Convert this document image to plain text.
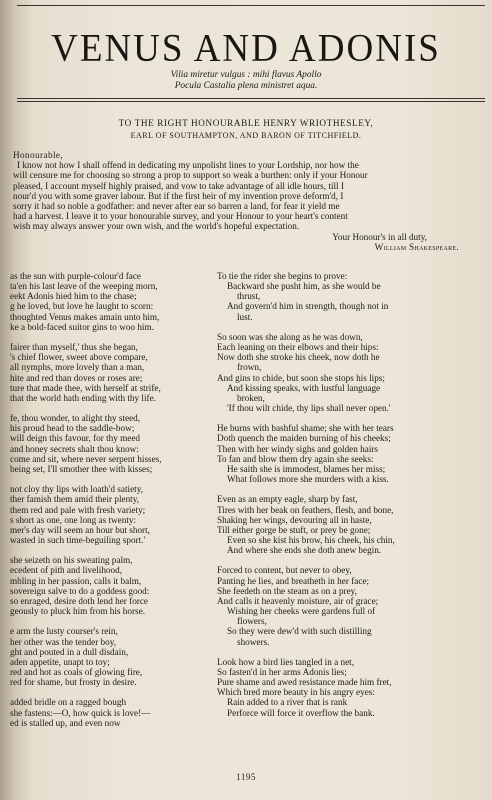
VENUS AND ADONIS
Vilia miretur vulgus : mihi flavus Apollo
Pocula Castalia plena ministret aqua.
TO THE RIGHT HONOURABLE HENRY WRIOTHESLEY,
EARL OF SOUTHAMPTON, AND BARON OF TITCHFIELD.
Honourable,
I know not how I shall offend in dedicating my unpolisht lines to your Lordship, nor how the
will censure me for choosing so strong a prop to support so weak a burthen: only if your Honour
pleased, I account myself highly praised, and vow to take advantage of all idle hours, till I
nour'd you with some graver labour. But if the first heir of my invention prove deform'd, I
sorry it had so noble a godfather: and never after ear so barren a land, for fear it yield me
had a harvest. I leave it to your honourable survey, and your Honour to your heart's content
wish may always answer your own wish, and the world's hopeful expectation.
Your Honour's in all duty,
William Shakespeare.
as the sun with purple-colour'd face
ta'en his last leave of the weeping morn,
eekt Adonis hied him to the chase;
g he loved, but love he laught to scorn:
thoughted Venus makes amain unto him,
ke a bold-faced suitor gins to woo him.
fairer than myself,' thus she began,
's chief flower, sweet above compare,
all nymphs, more lovely than a man,
hite and red than doves or roses are;
ture that made thee, with herself at strife,
that the world hath ending with thy life.
fe, thou wonder, to alight thy steed,
his proud head to the saddle-bow;
will deign this favour, for thy meed
and honey secrets shalt thou know:
come and sit, where never serpent hisses,
being set, I'll smother thee with kisses;
not cloy thy lips with loath'd satiety,
ther famish them amid their plenty,
them red and pale with fresh variety;
s short as one, one long as twenty:
mer's day will seem an hour but short,
wasted in such time-beguiling sport.'
she seizeth on his sweating palm,
ecedent of pith and livelihood,
mbling in her passion, calls it balm,
sovereign salve to do a goddess good:
so enraged, desire doth lend her force
geously to pluck him from his horse.
e arm the lusty courser's rein,
her other was the tender boy,
ght and pouted in a dull disdain,
aden appetite, unapt to toy;
red and hot as coals of glowing fire,
red for shame, but frosty in desire.
added bridle on a ragged bough
she fastens:—O, how quick is love!—
ed is stalled up, and even now
To tie the rider she begins to prove:
Backward she pusht him, as she would be
thrust,
And govern'd him in strength, though not in
lust.
So soon was she along as he was down,
Each leaning on their elbows and their hips:
Now doth she stroke his cheek, now doth he
frown,
And gins to chide, but soon she stops his lips;
And kissing speaks, with lustful language
broken,
'If thou wilt chide, thy lips shall never open.'
He burns with bashful shame; she with her tears
Doth quench the maiden burning of his cheeks;
Then with her windy sighs and golden hairs
To fan and blow them dry again she seeks:
He saith she is immodest, blames her miss;
What follows more she murders with a kiss.
Even as an empty eagle, sharp by fast,
Tires with her beak on feathers, flesh, and bone,
Shaking her wings, devouring all in haste,
Till either gorge be stuft, or prey be gone;
Even so she kist his brow, his cheek, his chin,
And where she ends she doth anew begin.
Forced to content, but never to obey,
Panting he lies, and breatheth in her face;
She feedeth on the steam as on a prey,
And calls it heavenly moisture, air of grace;
Wishing her cheeks were gardens full of
flowers,
So they were dew'd with such distilling
showers.
Look how a bird lies tangled in a net,
So fasten'd in her arms Adonis lies;
Pure shame and awed resistance made him fret,
Which bred more beauty in his angry eyes:
Rain added to a river that is rank
Perforce will force it overflow the bank.
1195
